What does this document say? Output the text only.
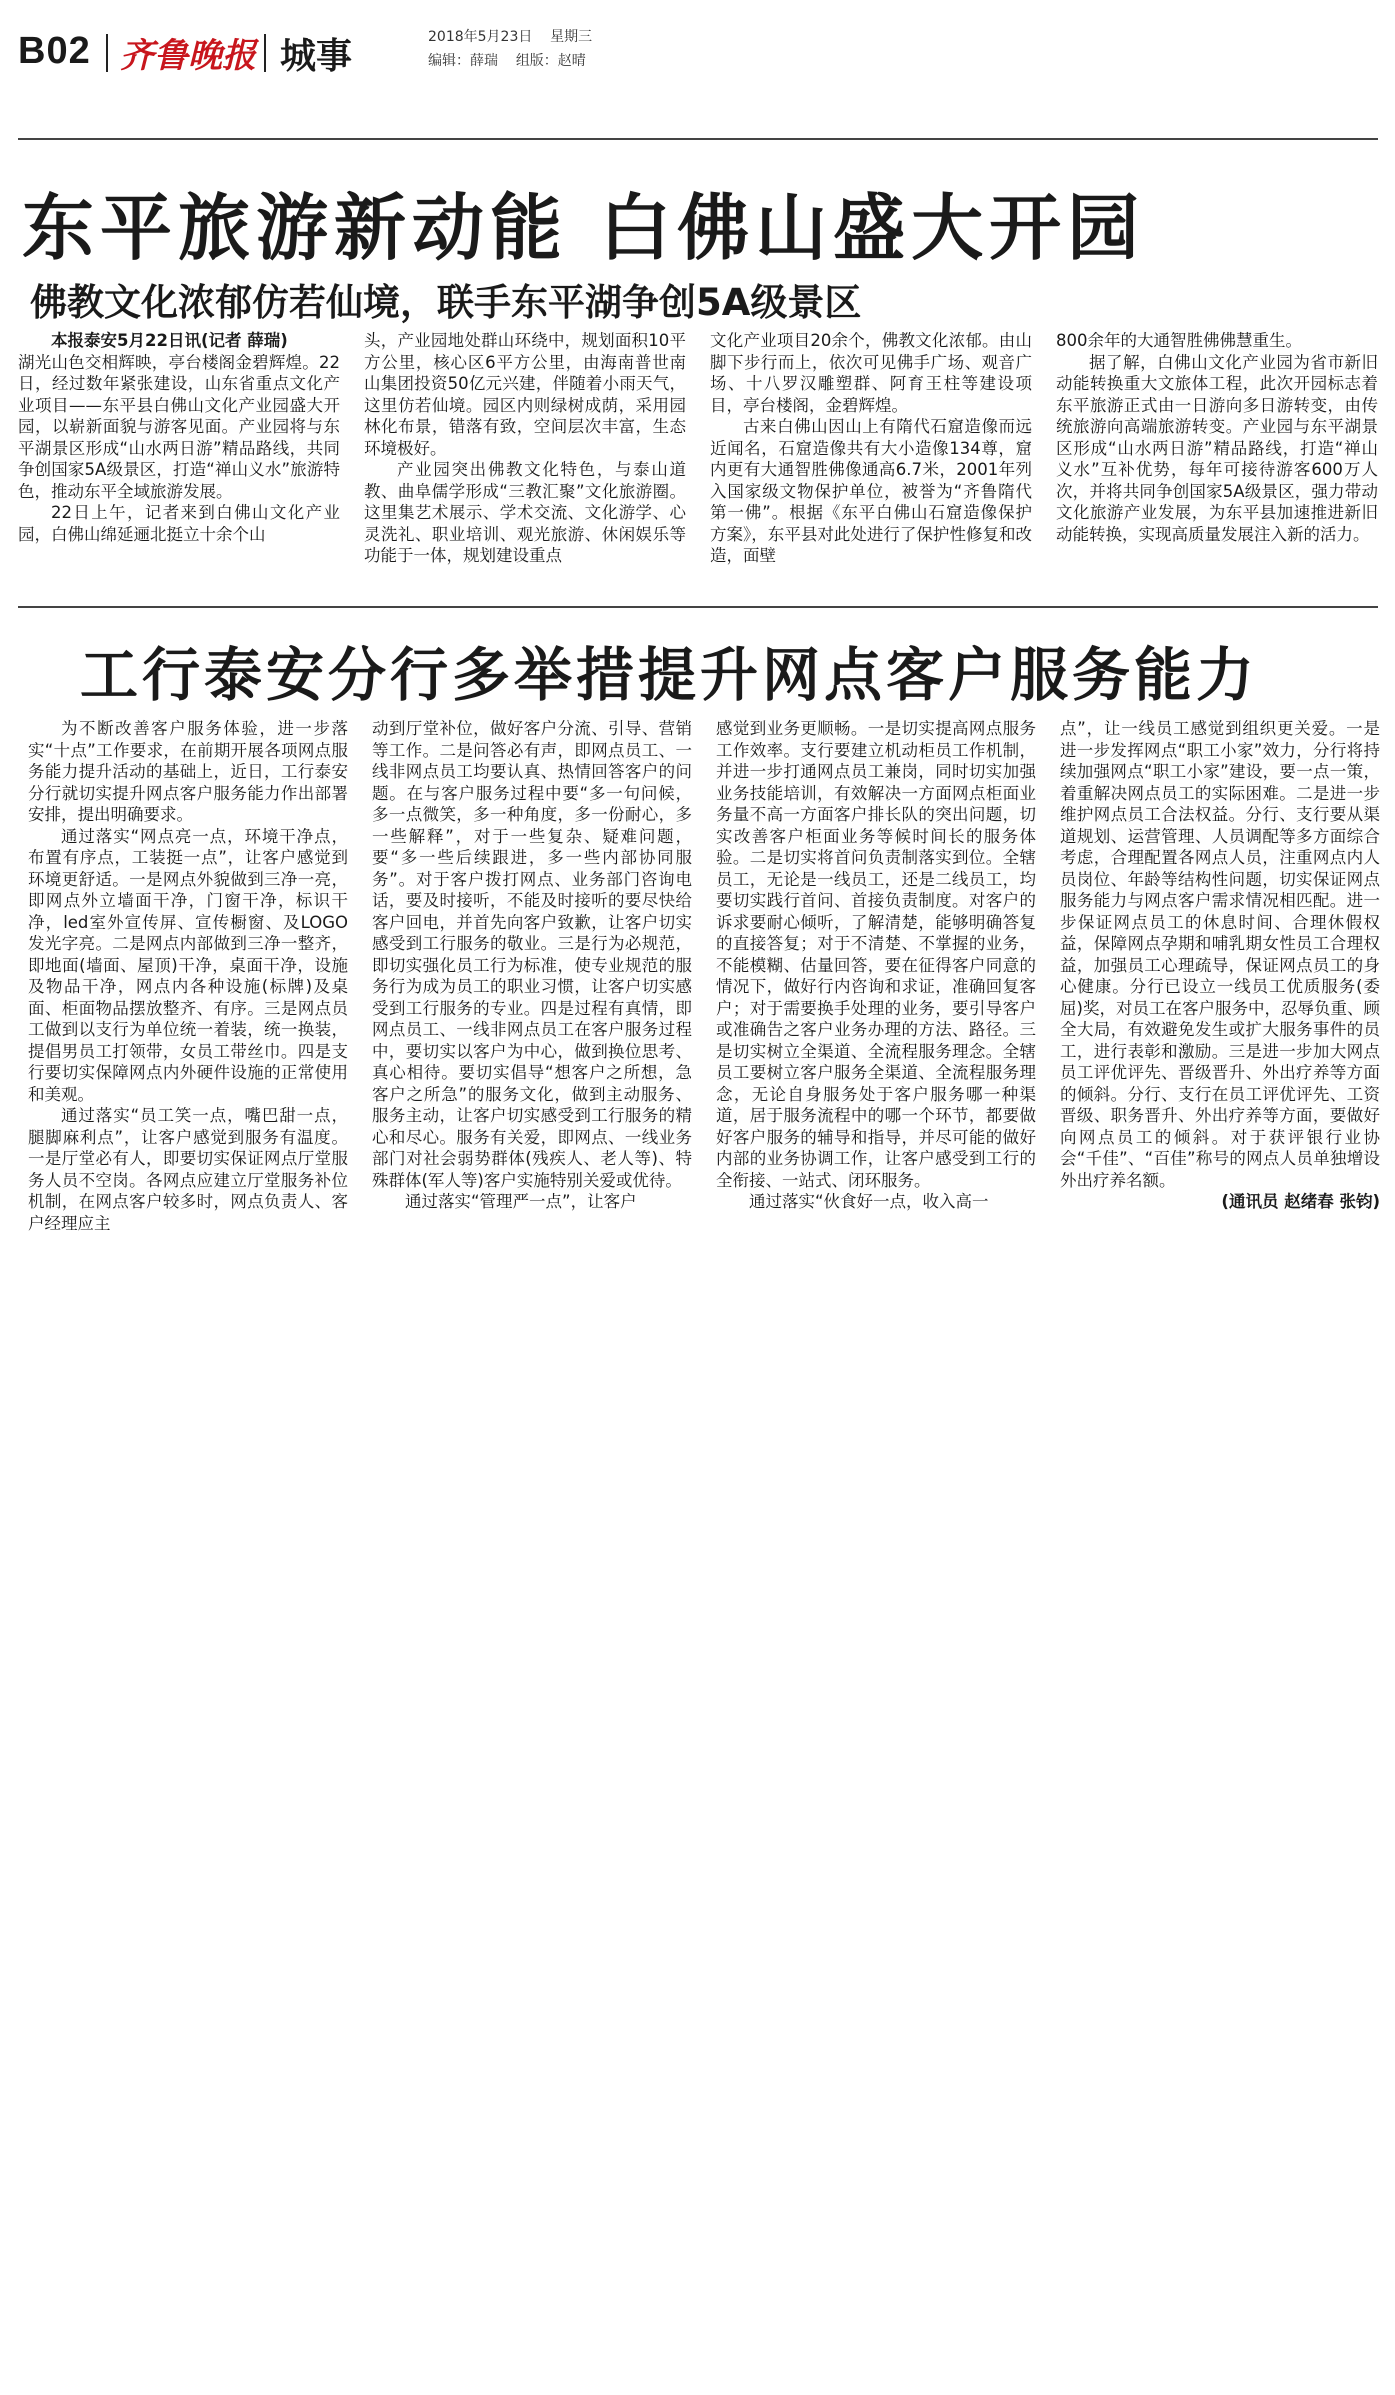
B02 齐鲁晚报 城事	2018年5月23日 星期三
编辑：薛瑞 组版：赵晴
东平旅游新动能 白佛山盛大开园
佛教文化浓郁仿若仙境，联手东平湖争创5A级景区

本报泰安5月22日讯(记者 薛瑞)

湖光山色交相辉映，亭台楼阁金碧辉煌。22日，经过数年紧张建设，山东省重点文化产业项目——东平县白佛山文化产业园盛大开园，以崭新面貌与游客见面。产业园将与东平湖景区形成“山水两日游”精品路线，共同争创国家5A级景区，打造“禅山义水”旅游特色，推动东平全域旅游发展。

22日上午，记者来到白佛山文化产业园，白佛山绵延逦北挺立十余个山

头，产业园地处群山环绕中，规划面积10平方公里，核心区6平方公里，由海南普世南山集团投资50亿元兴建，伴随着小雨天气，这里仿若仙境。园区内则绿树成荫，采用园林化布景，错落有致，空间层次丰富，生态环境极好。

产业园突出佛教文化特色，与泰山道教、曲阜儒学形成“三教汇聚”文化旅游圈。这里集艺术展示、学术交流、文化游学、心灵洗礼、职业培训、观光旅游、休闲娱乐等功能于一体，规划建设重点

文化产业项目20余个，佛教文化浓郁。由山脚下步行而上，依次可见佛手广场、观音广场、十八罗汉雕塑群、阿育王柱等建设项目，亭台楼阁，金碧辉煌。

古来白佛山因山上有隋代石窟造像而远近闻名，石窟造像共有大小造像134尊，窟内更有大通智胜佛像通高6.7米，2001年列入国家级文物保护单位，被誉为“齐鲁隋代第一佛”。根据《东平白佛山石窟造像保护方案》，东平县对此处进行了保护性修复和改造，面壁

800余年的大通智胜佛佛慧重生。

据了解，白佛山文化产业园为省市新旧动能转换重大文旅体工程，此次开园标志着东平旅游正式由一日游向多日游转变，由传统旅游向高端旅游转变。产业园与东平湖景区形成“山水两日游”精品路线，打造“禅山义水”互补优势，每年可接待游客600万人次，并将共同争创国家5A级景区，强力带动文化旅游产业发展，为东平县加速推进新旧动能转换，实现高质量发展注入新的活力。

工行泰安分行多举措提升网点客户服务能力

为不断改善客户服务体验，进一步落实“十点”工作要求，在前期开展各项网点服务能力提升活动的基础上，近日，工行泰安分行就切实提升网点客户服务能力作出部署安排，提出明确要求。

通过落实“网点亮一点，环境干净点，布置有序点，工装挺一点”，让客户感觉到环境更舒适。一是网点外貌做到三净一亮，即网点外立墙面干净，门窗干净，标识干净，led室外宣传屏、宣传橱窗、及LOGO发光字亮。二是网点内部做到三净一整齐，即地面(墙面、屋顶)干净，桌面干净，设施及物品干净，网点内各种设施(标牌)及桌面、柜面物品摆放整齐、有序。三是网点员工做到以支行为单位统一着装，统一换装，提倡男员工打领带，女员工带丝巾。四是支行要切实保障网点内外硬件设施的正常使用和美观。

通过落实“员工笑一点，嘴巴甜一点，腿脚麻利点”，让客户感觉到服务有温度。一是厅堂必有人，即要切实保证网点厅堂服务人员不空岗。各网点应建立厅堂服务补位机制，在网点客户较多时，网点负责人、客户经理应主

动到厅堂补位，做好客户分流、引导、营销等工作。二是问答必有声，即网点员工、一线非网点员工均要认真、热情回答客户的问题。在与客户服务过程中要“多一句问候，多一点微笑，多一种角度，多一份耐心，多一些解释”，对于一些复杂、疑难问题，要“多一些后续跟进，多一些内部协同服务”。对于客户拨打网点、业务部门咨询电话，要及时接听，不能及时接听的要尽快给客户回电，并首先向客户致歉，让客户切实感受到工行服务的敬业。三是行为必规范，即切实强化员工行为标准，使专业规范的服务行为成为员工的职业习惯，让客户切实感受到工行服务的专业。四是过程有真情，即网点员工、一线非网点员工在客户服务过程中，要切实以客户为中心，做到换位思考、真心相待。要切实倡导“想客户之所想，急客户之所急”的服务文化，做到主动服务、服务主动，让客户切实感受到工行服务的精心和尽心。服务有关爱，即网点、一线业务部门对社会弱势群体(残疾人、老人等)、特殊群体(军人等)客户实施特别关爱或优待。

通过落实“管理严一点”，让客户

感觉到业务更顺畅。一是切实提高网点服务工作效率。支行要建立机动柜员工作机制，并进一步打通网点员工兼岗，同时切实加强业务技能培训，有效解决一方面网点柜面业务量不高一方面客户排长队的突出问题，切实改善客户柜面业务等候时间长的服务体验。二是切实将首问负责制落实到位。全辖员工，无论是一线员工，还是二线员工，均要切实践行首问、首接负责制度。对客户的诉求要耐心倾听，了解清楚，能够明确答复的直接答复；对于不清楚、不掌握的业务，不能模糊、估量回答，要在征得客户同意的情况下，做好行内咨询和求证，准确回复客户；对于需要换手处理的业务，要引导客户或准确告之客户业务办理的方法、路径。三是切实树立全渠道、全流程服务理念。全辖员工要树立客户服务全渠道、全流程服务理念，无论自身服务处于客户服务哪一种渠道，居于服务流程中的哪一个环节，都要做好客户服务的辅导和指导，并尽可能的做好内部的业务协调工作，让客户感受到工行的全衔接、一站式、闭环服务。

通过落实“伙食好一点，收入高一

点”，让一线员工感觉到组织更关爱。一是进一步发挥网点“职工小家”效力，分行将持续加强网点“职工小家”建设，要一点一策，着重解决网点员工的实际困难。二是进一步维护网点员工合法权益。分行、支行要从渠道规划、运营管理、人员调配等多方面综合考虑，合理配置各网点人员，注重网点内人员岗位、年龄等结构性问题，切实保证网点服务能力与网点客户需求情况相匹配。进一步保证网点员工的休息时间、合理休假权益，保障网点孕期和哺乳期女性员工合理权益，加强员工心理疏导，保证网点员工的身心健康。分行已设立一线员工优质服务(委屈)奖，对员工在客户服务中，忍辱负重、顾全大局，有效避免发生或扩大服务事件的员工，进行表彰和激励。三是进一步加大网点员工评优评先、晋级晋升、外出疗养等方面的倾斜。分行、支行在员工评优评先、工资晋级、职务晋升、外出疗养等方面，要做好向网点员工的倾斜。对于获评银行业协会“千佳”、“百佳”称号的网点人员单独增设外出疗养名额。

(通讯员 赵绪春 张钧)
